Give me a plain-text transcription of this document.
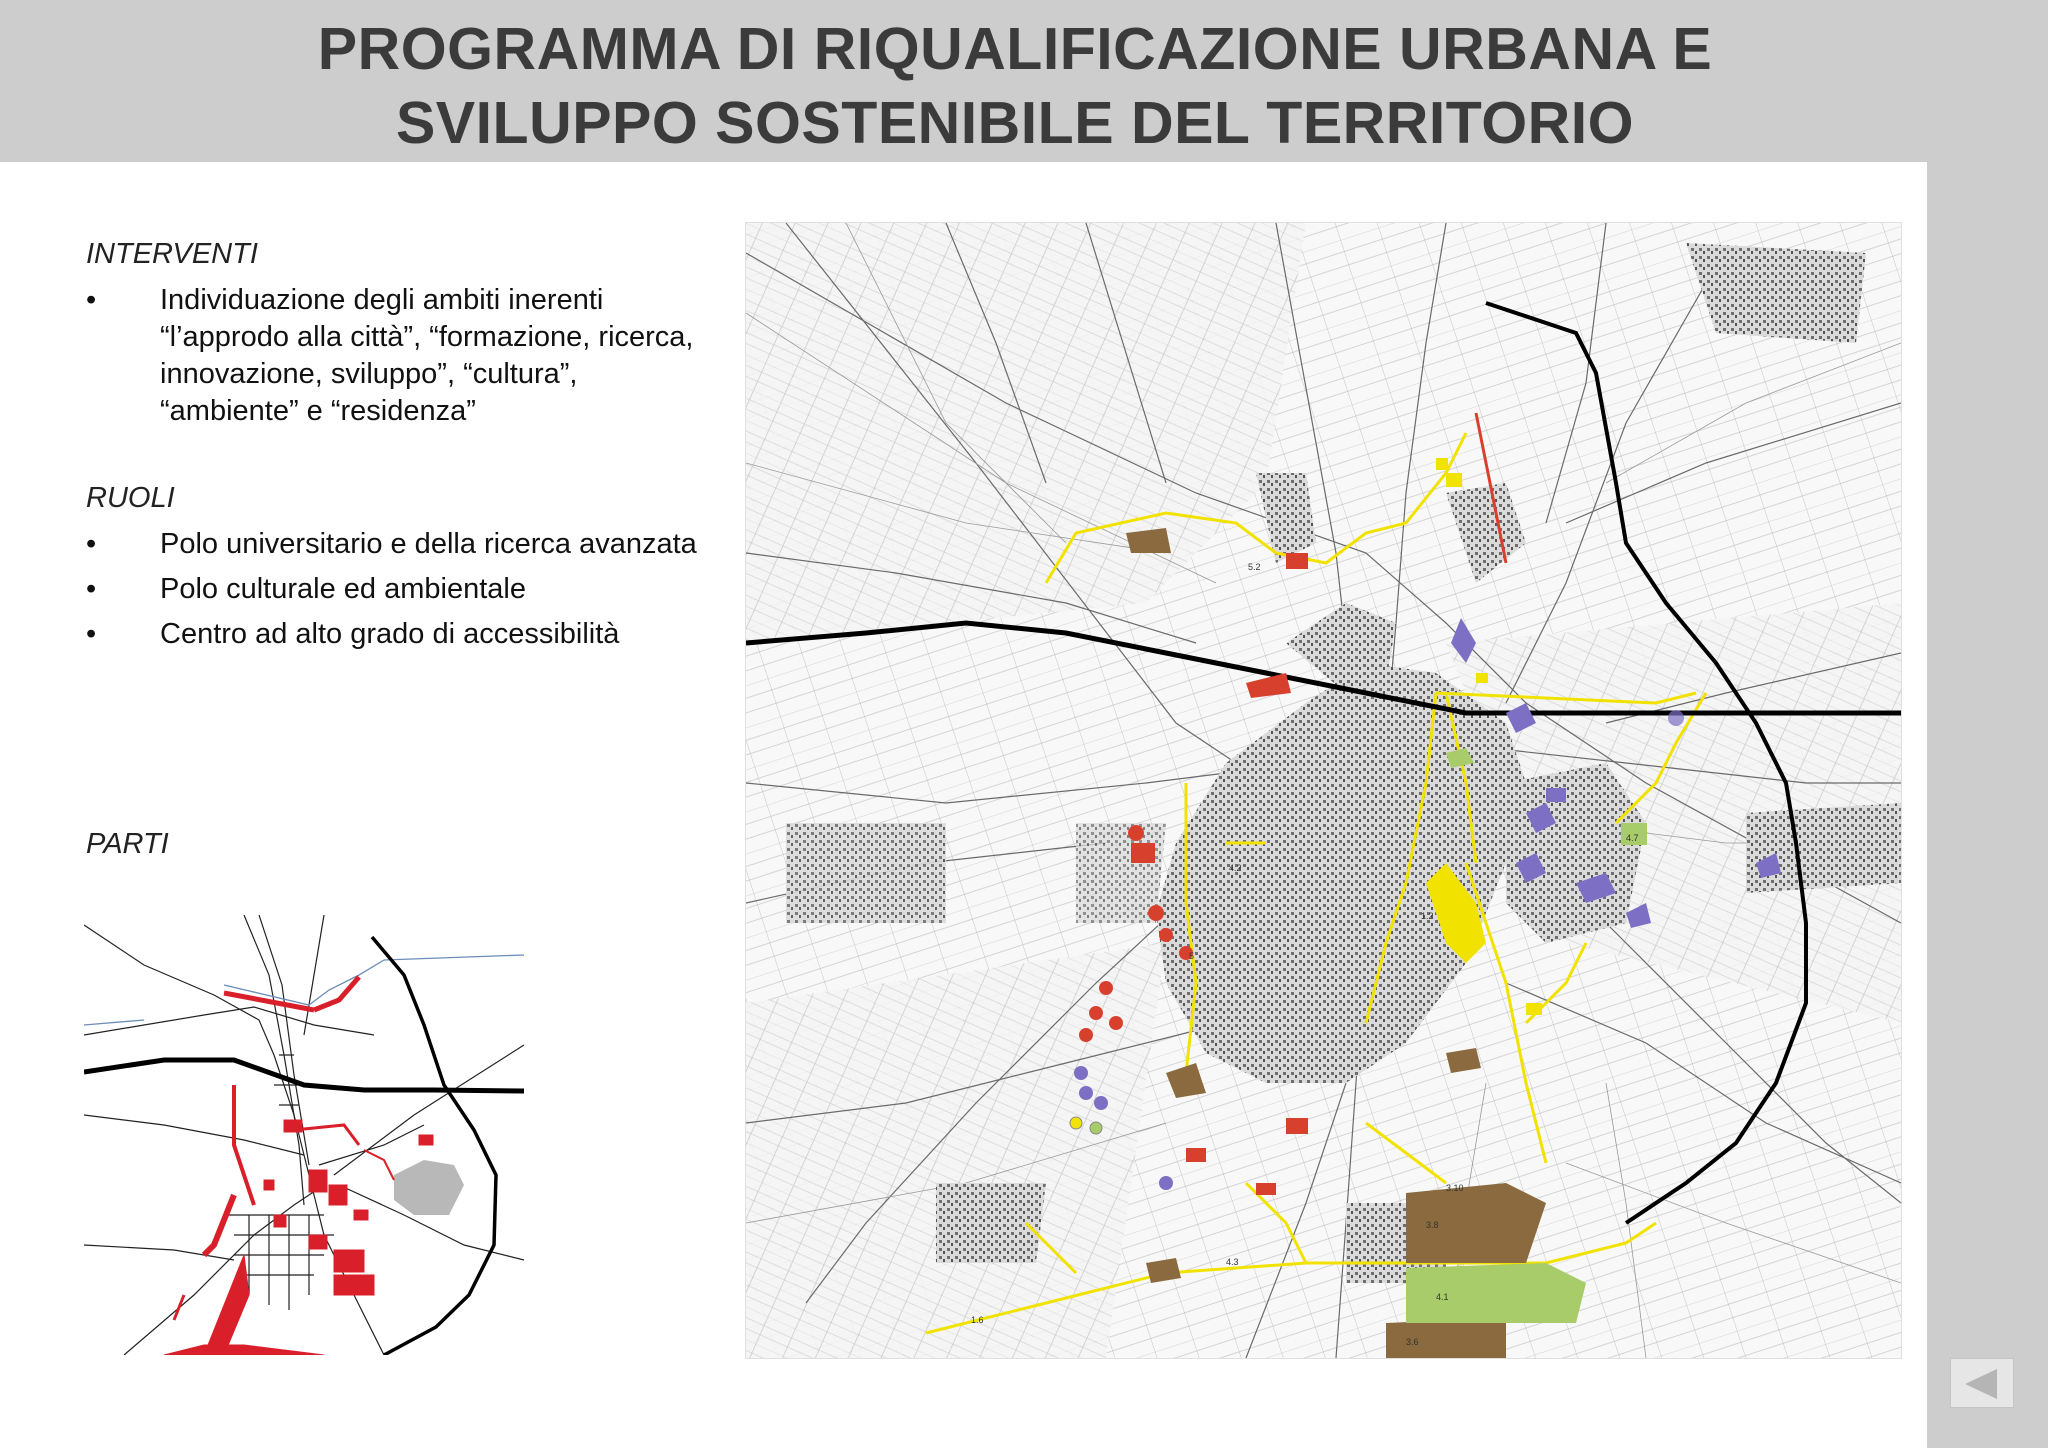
PROGRAMMA DI RIQUALIFICAZIONE URBANA E
SVILUPPO SOSTENIBILE DEL TERRITORIO
INTERVENTI
• Individuazione degli ambiti inerenti “l’approdo alla città”, “formazione, ricerca, innovazione, sviluppo”, “cultura”, “ambiente” e “residenza”
RUOLI
• Polo universitario e della ricerca avanzata
• Polo culturale ed ambientale
• Centro ad alto grado di accessibilità
PARTI
1.2
4.2
4.7
4.1
3.8
3.6
3.10
5.2
5
1.6
4.3
